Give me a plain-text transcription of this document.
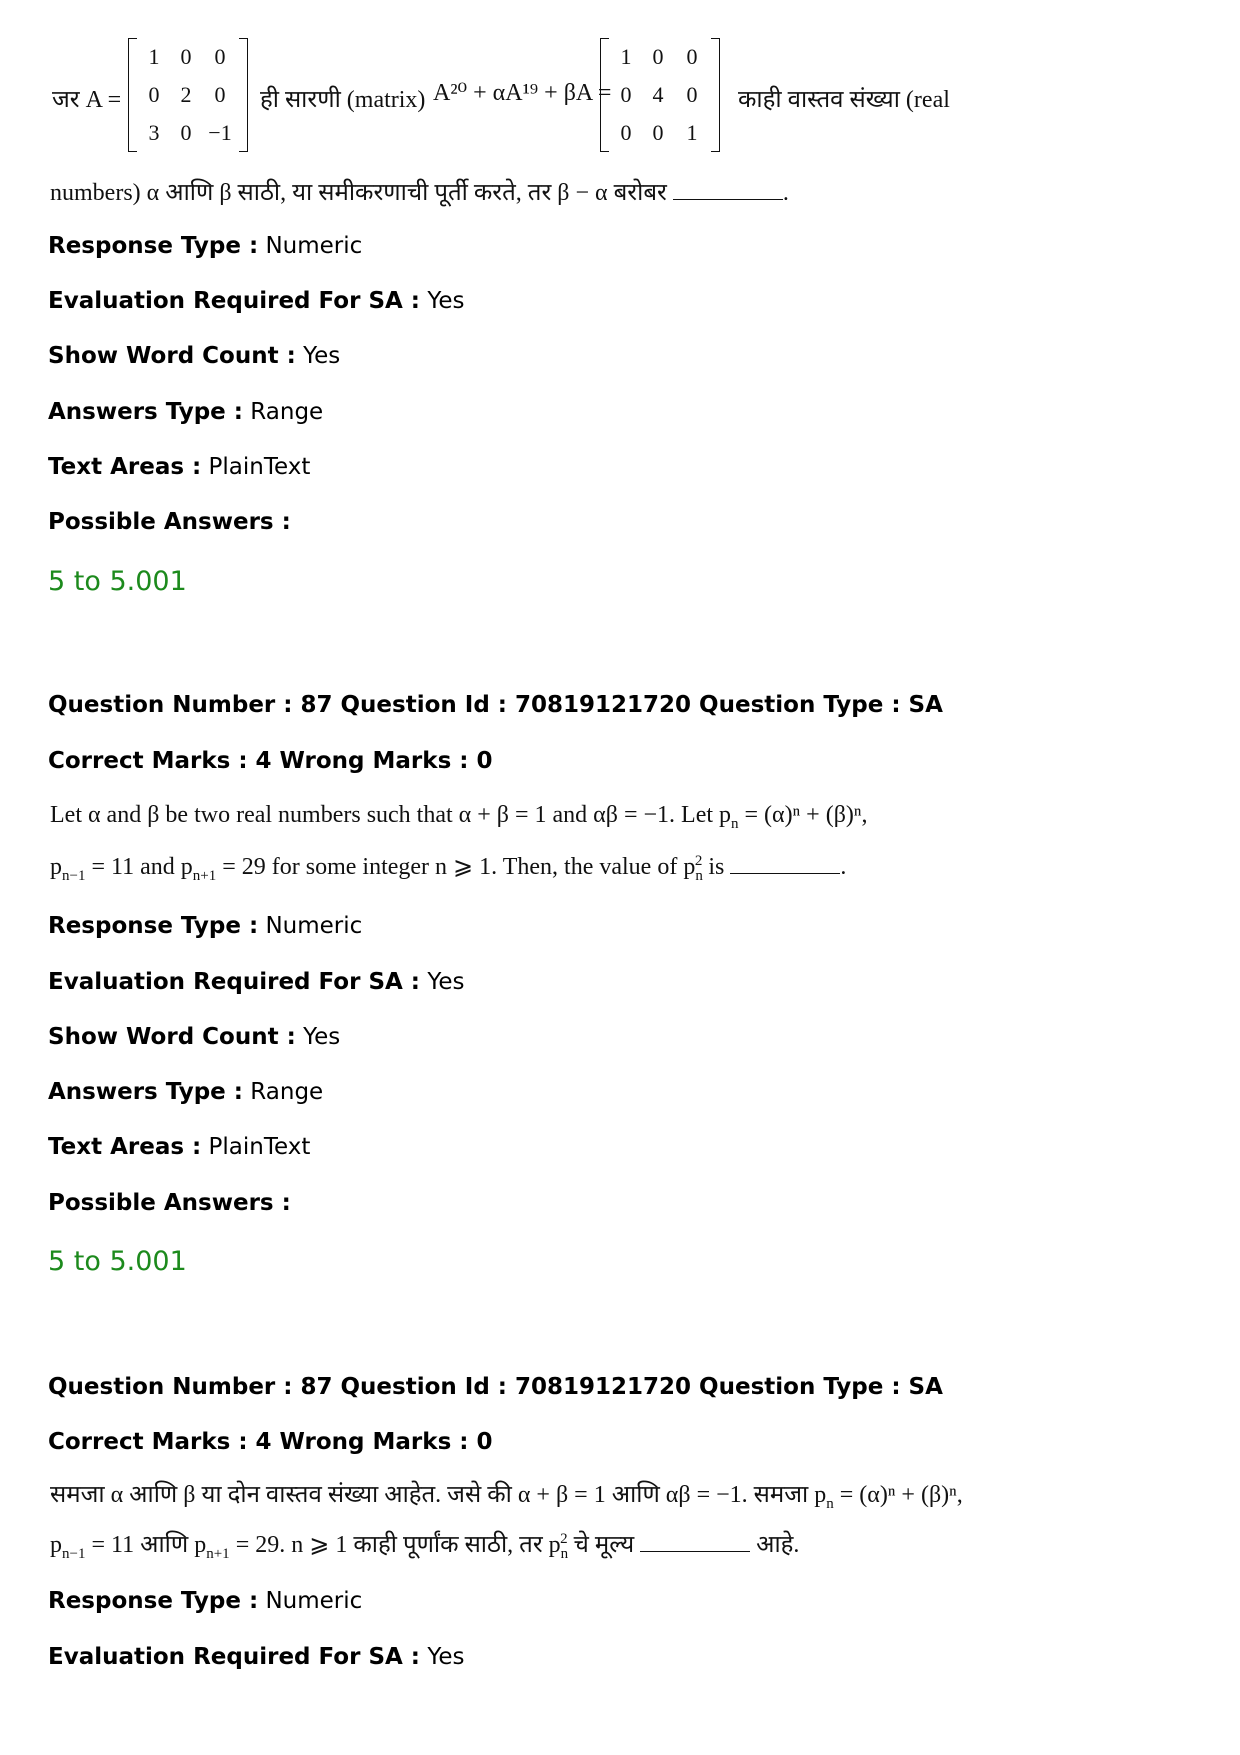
जर A =
1 0 0
0 2 0
3 0 −1
ही सारणी (matrix) A²⁰ + αA¹⁹ + βA =
1 0 0
0 4 0
0 0 1
काही वास्तव संख्या (real
numbers) α आणि β साठी, या समीकरणाची पूर्ती करते, तर β − α बरोबर	.
Response Type : Numeric
Evaluation Required For SA : Yes
Show Word Count : Yes
Answers Type : Range
Text Areas : PlainText
Possible Answers :
5 to 5.001
Question Number : 87 Question Id : 70819121720 Question Type : SA
Correct Marks : 4 Wrong Marks : 0
Let α and β be two real numbers such that α + β = 1 and αβ = −1. Let $p_n = (\alpha)^n + (\beta)^n$,
$p_{n-1} = 11$ and $p_{n+1} = 29$ for some integer n ⩾ 1. Then, the value of $p_n^2$ is	.
Response Type : Numeric
Evaluation Required For SA : Yes
Show Word Count : Yes
Answers Type : Range
Text Areas : PlainText
Possible Answers :
5 to 5.001
Question Number : 87 Question Id : 70819121720 Question Type : SA
Correct Marks : 4 Wrong Marks : 0
समजा α आणि β या दोन वास्तव संख्या आहेत. जसे की α + β = 1 आणि αβ = −1. समजा $p_n = (\alpha)^n + (\beta)^n$,
$p_{n-1} = 11$ आणि $p_{n+1} = 29$. n ⩾ 1 काही पूर्णांक साठी, तर $p_n^2$ चे मूल्य	आहे.
Response Type : Numeric
Evaluation Required For SA : Yes
